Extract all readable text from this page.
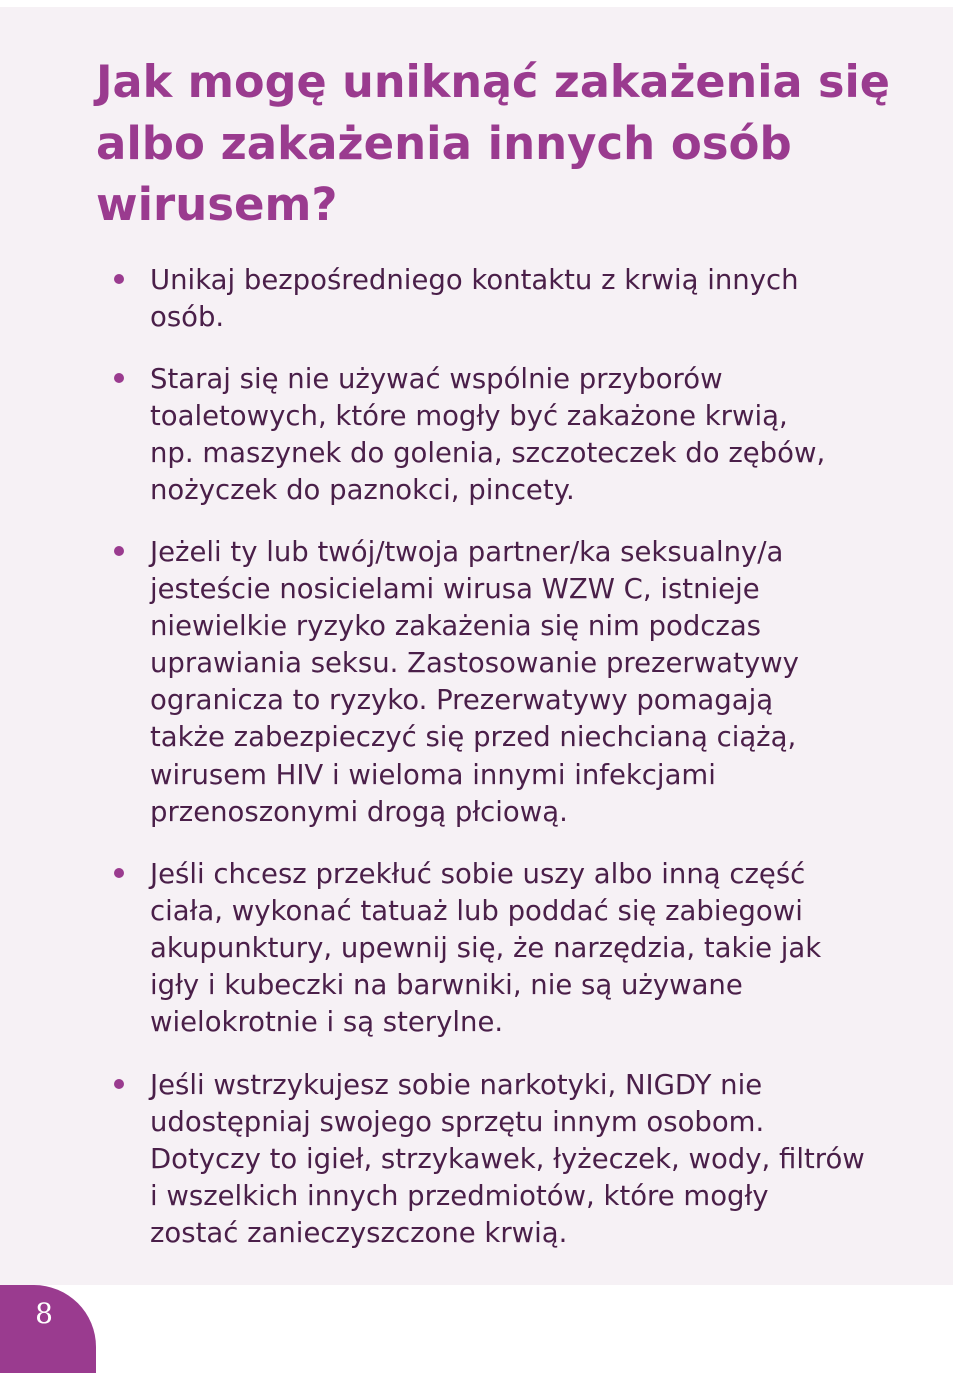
Jak mogę uniknąć zakażenia się
albo zakażenia innych osób
wirusem?
Unikaj bezpośredniego kontaktu z krwią innych
osób.
Staraj się nie używać wspólnie przyborów
toaletowych, które mogły być zakażone krwią,
np. maszynek do golenia, szczoteczek do zębów,
nożyczek do paznokci, pincety.
Jeżeli ty lub twój/twoja partner/ka seksualny/a
jesteście nosicielami wirusa WZW C, istnieje
niewielkie ryzyko zakażenia się nim podczas
uprawiania seksu. Zastosowanie prezerwatywy
ogranicza to ryzyko. Prezerwatywy pomagają
także zabezpieczyć się przed niechcianą ciążą,
wirusem HIV i wieloma innymi infekcjami
przenoszonymi drogą płciową.
Jeśli chcesz przekłuć sobie uszy albo inną część
ciała, wykonać tatuaż lub poddać się zabiegowi
akupunktury, upewnij się, że narzędzia, takie jak
igły i kubeczki na barwniki, nie są używane
wielokrotnie i są sterylne.
Jeśli wstrzykujesz sobie narkotyki, NIGDY nie
udostępniaj swojego sprzętu innym osobom.
Dotyczy to igieł, strzykawek, łyżeczek, wody, filtrów
i wszelkich innych przedmiotów, które mogły
zostać zanieczyszczone krwią.
8
